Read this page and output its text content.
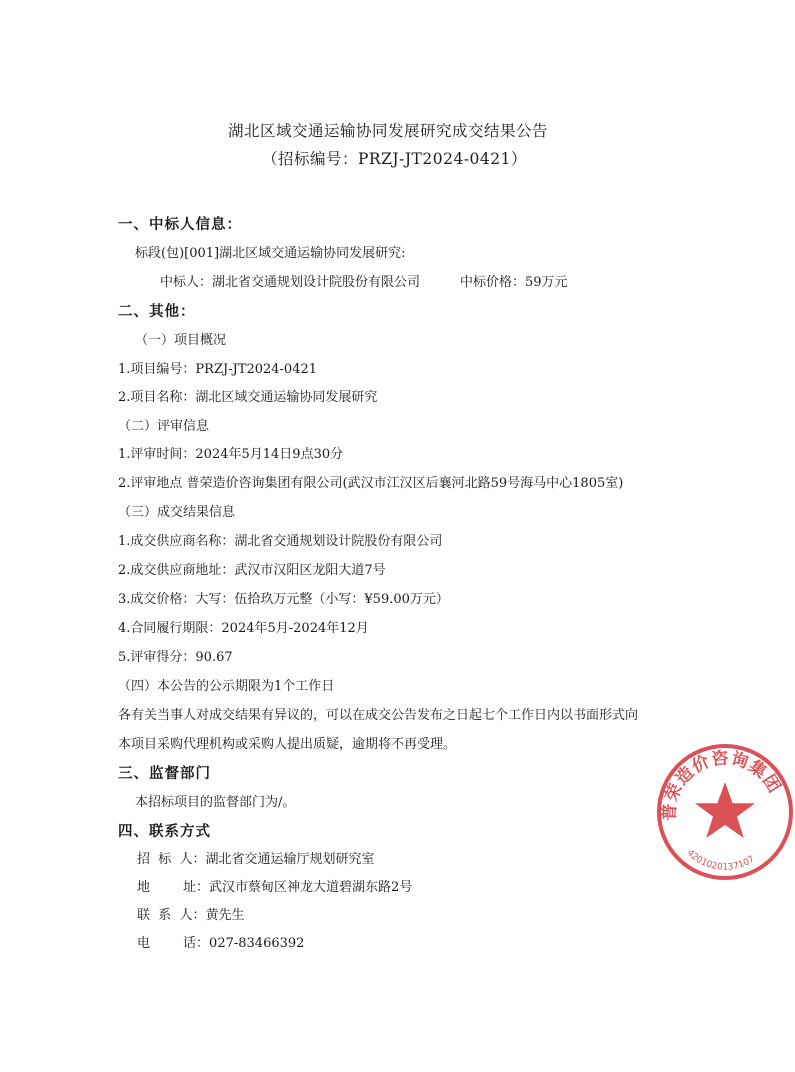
湖北区域交通运输协同发展研究成交结果公告
（招标编号：PRZJ-JT2024-0421）
一、中标人信息：
标段(包)[001]湖北区域交通运输协同发展研究:
中标人：湖北省交通规划设计院股份有限公司	中标价格：59万元
二、其他：
（一）项目概况
1.项目编号：PRZJ-JT2024-0421
2.项目名称：湖北区域交通运输协同发展研究
（二）评审信息
1.评审时间：2024年5月14日9点30分
2.评审地点 普荣造价咨询集团有限公司(武汉市江汉区后襄河北路59号海马中心1805室)
（三）成交结果信息
1.成交供应商名称：湖北省交通规划设计院股份有限公司
2.成交供应商地址：武汉市汉阳区龙阳大道7号
3.成交价格：大写：伍拾玖万元整（小写：¥59.00万元）
4.合同履行期限：2024年5月-2024年12月
5.评审得分：90.67
（四）本公告的公示期限为1个工作日
各有关当事人对成交结果有异议的，可以在成交公告发布之日起七个工作日内以书面形式向
本项目采购代理机构或采购人提出质疑，逾期将不再受理。
三、监督部门
本招标项目的监督部门为/。
四、联系方式
招  标  人：湖北省交通运输厅规划研究室
地        址：武汉市蔡甸区神龙大道碧湖东路2号
联  系  人：黄先生
电        话：027-83466392
普荣造价咨询集团
4201020137107
